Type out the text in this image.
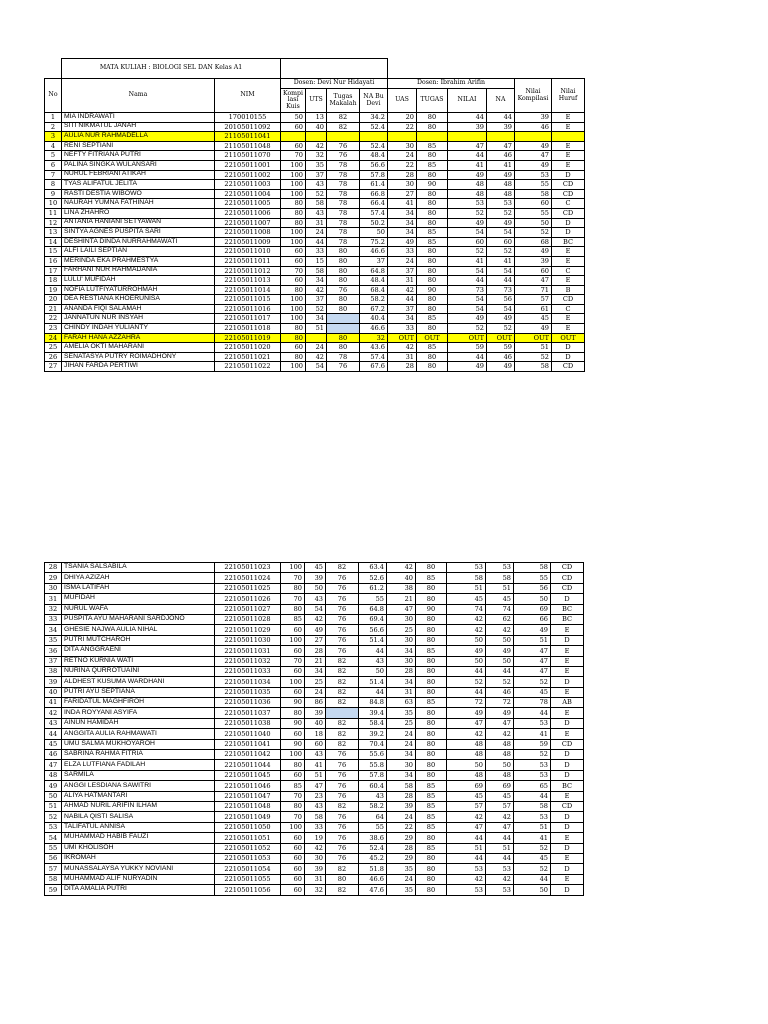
	MATA KULIAH : BIOLOGI SEL DAN Kelas A1											
No	Nama	NIM	Dosen: Devi Nur Hidayati				Dosen: Ibrahim Arifin				Nilai Kompilasi	Nilai Huruf
			Kompi lasi Kuis	UTS	Tugas Makalah	NA Bu Devi	UAS	TUGAS	NILAI	NA		
1	MIA INDRAWATI	170010155	50	13	82	34.2	20	80	44	44	39	E
2	SITI NIKMATUL JANAH	20105011092	60	40	82	52.4	22	80	39	39	46	E
3	AULIA NUR RAHMADELLA	21105011041										
4	RENI SEPTIANI	21105011048	60	42	76	52.4	30	85	47	47	49	E
5	NEFTY FITRIANA PUTRI	21105011070	70	32	76	48.4	24	80	44	46	47	E
6	PALINA SINGKA WULANSARI	22105011001	100	35	78	56.6	22	85	41	41	49	E
7	NURUL FEBRIANI ATIKAH	22105011002	100	37	78	57.8	28	80	49	49	53	D
8	TYAS ALIFATUL JELITA	22105011003	100	43	78	61.4	30	90	48	48	55	CD
9	RASTI DESTIA WIBOWO	22105011004	100	52	78	66.8	27	80	48	48	58	CD
10	NAURAH YUMNA FATHINAH	22105011005	80	58	78	66.4	41	80	53	53	60	C
11	LINA ZHAHRO	22105011006	80	43	78	57.4	34	80	52	52	55	CD
12	ANTANIA HANIANI SETYAWAN	22105011007	80	31	78	50.2	34	80	49	49	50	D
13	SINTYA AGNES PUSPITA SARI	22105011008	100	24	78	50	34	85	54	54	52	D
14	DESHINTA DINDA NURRAHMAWATI	22105011009	100	44	78	75.2	49	85	60	60	68	BC
15	ALFI LAILI SEPTIAN	22105011010	60	33	80	46.6	33	80	52	52	49	E
16	MERINDA EKA PRAHMESTYA	22105011011	60	15	80	37	24	80	41	41	39	E
17	FARHANI NUR RAHMADANIA	22105011012	70	58	80	64.8	37	80	54	54	60	C
18	LULU' MUFIDAH	22105011013	60	34	80	48.4	31	80	44	44	47	E
19	NOFIA LUTFIYATURROHMAH	22105011014	80	42	76	68.4	42	90	73	73	71	B
20	DEA RESTIANA KHOERUNISA	22105011015	100	37	80	58.2	44	80	54	56	57	CD
21	ANANDA FIQI SALAMAH	22105011016	100	52	80	67.2	37	80	54	54	61	C
22	JANNATUN NUR INSYAH	22105011017	100	34		40.4	34	85	49	49	45	E
23	CHINDY INDAH YULIANTY	22105011018	80	51		46.6	33	80	52	52	49	E
24	FARAH HANA AZZAHRA	22105011019	80		80	32	OUT	OUT	OUT	OUT	OUT	OUT
25	AMELIA OKTI MAHARANI	22105011020	60	24	80	43.6	42	85	59	59	51	D
26	SENATASYA PUTRY ROIMADHONY	22105011021	80	42	78	57.4	31	80	44	46	52	D
27	JIHAN FARDA PERTIWI	22105011022	100	54	76	67.6	28	80	49	49	58	CD
28	TSANIA SALSABILA	22105011023	100	45	82	63.4	42	80	53	53	58	CD
29	DHIYA AZIZAH	22105011024	70	39	76	52.6	40	85	58	58	55	CD
30	ISMA LATIFAH	22105011025	80	50	76	61.2	38	80	51	51	56	CD
31	MUFIDAH	22105011026	70	43	76	55	21	80	45	45	50	D
32	NURUL WAFA	22105011027	80	54	76	64.8	47	90	74	74	69	BC
33	PUSPITA AYU MAHARANI SARDJONO	22105011028	85	42	76	69.4	30	80	42	62	66	BC
34	GHESIE NAJWA AULIA NIHAL	22105011029	60	49	76	56.6	25	80	42	42	49	E
35	PUTRI MUTCHAROH	22105011030	100	27	76	51.4	30	80	50	50	51	D
36	DITA ANGGRAENI	22105011031	60	28	76	44	34	85	49	49	47	E
37	RETNO KURNIA WATI	22105011032	70	21	82	43	30	80	50	50	47	E
38	NURINA QURROTUAINI	22105011033	60	34	82	50	28	80	44	44	47	E
39	ALDHEST KUSUMA WARDHANI	22105011034	100	25	82	51.4	34	80	52	52	52	D
40	PUTRI AYU SEPTIANA	22105011035	60	24	82	44	31	80	44	46	45	E
41	FARIDATUL MAGHFIROH	22105011036	90	86	82	84.8	63	85	72	72	78	AB
42	INDA ROYYANI ASYIFA	22105011037	80	39		39.4	35	80	49	49	44	E
43	AINUN HAMIDAH	22105011038	90	40	82	58.4	25	80	47	47	53	D
44	ANGGITA AULIA RAHMAWATI	22105011040	60	18	82	39.2	24	80	42	42	41	E
45	UMU SALMA MUKHOYAROH	22105011041	90	60	82	70.4	24	80	48	48	59	CD
46	SABRINA RAHMA FITRIA	22105011042	100	43	76	55.6	34	80	48	48	52	D
47	ELZA LUTFIANA FADILAH	22105011044	80	41	76	55.8	30	80	50	50	53	D
48	SARMILA	22105011045	60	51	76	57.8	34	80	48	48	53	D
49	ANGGI LESDIANA SAWITRI	22105011046	85	47	76	60.4	58	85	69	69	65	BC
50	ALIYA HATMANTARI	22105011047	70	23	76	43	28	85	45	45	44	E
51	AHMAD NURIL ARIFIN ILHAM	22105011048	80	43	82	58.2	39	85	57	57	58	CD
52	NABILA QISTI SALISA	22105011049	70	58	76	64	24	85	42	42	53	D
53	TALIFATUL ANNISA	22105011050	100	33	76	55	22	85	47	47	51	D
54	MUHAMMAD HABIB FAUZI	22105011051	60	19	76	38.6	29	80	44	44	41	E
55	UMI KHOLISOH	22105011052	60	42	76	52.4	28	85	51	51	52	D
56	IKROMAH	22105011053	60	30	76	45.2	29	80	44	44	45	E
57	MUNASSALAYSA YUKKY NOVIANI	22105011054	60	39	82	51.8	35	80	53	53	52	D
58	MUHAMMAD ALIF NURYADIN	22105011055	60	31	80	46.6	24	80	42	42	44	E
59	DITA AMALIA PUTRI	22105011056	60	32	82	47.6	35	80	53	53	50	D
